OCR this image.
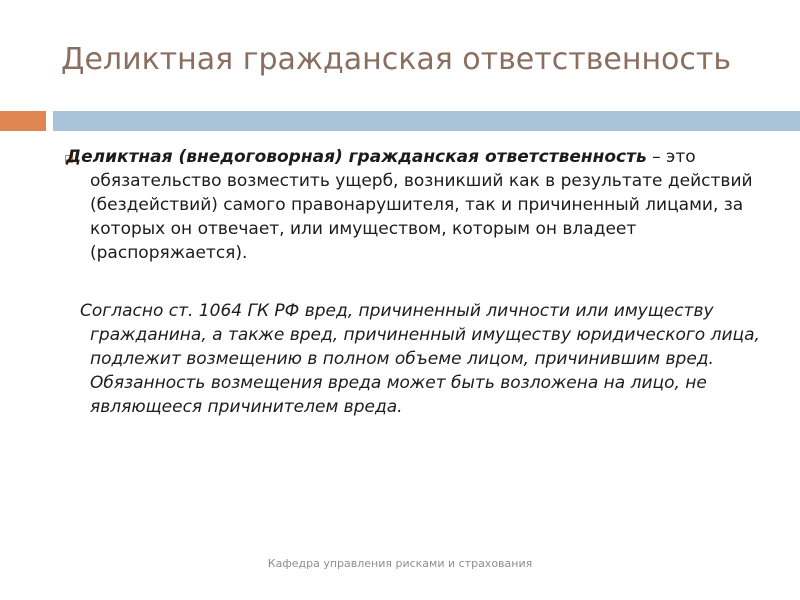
Деликтная гражданская ответственность
Деликтная (внедоговорная) гражданская ответственность – это обязательство возместить ущерб, возникший как в результате действий (бездействий) самого правонарушителя, так и причиненный лицами, за которых он отвечает, или имуществом, которым он владеет (распоряжается).
Согласно ст. 1064 ГК РФ вред, причиненный личности или имуществу гражданина, а также вред, причиненный имуществу юридического лица, подлежит возмещению в полном объеме лицом, причинившим вред. Обязанность возмещения вреда может быть возложена на лицо, не являющееся причинителем вреда.
Кафедра управления рисками и страхования
